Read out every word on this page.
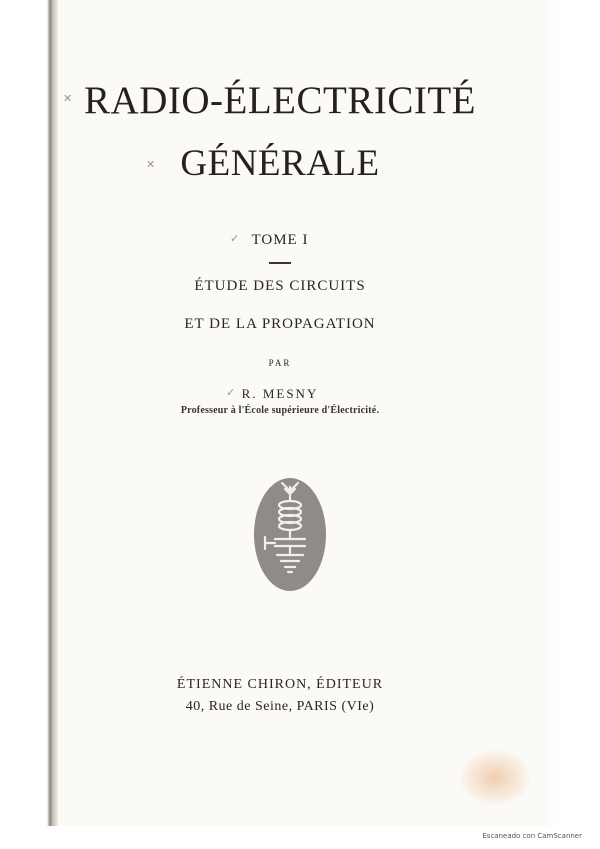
✕
✕
✓
✓
RADIO-ÉLECTRICITÉ
GÉNÉRALE
TOME I
ÉTUDE DES CIRCUITS
ET DE LA PROPAGATION
PAR
R. MESNY
Professeur à l'École supérieure d'Électricité.
ÉTIENNE CHIRON, ÉDITEUR
40, Rue de Seine, PARIS (VIe)
Escaneado con CamScanner
